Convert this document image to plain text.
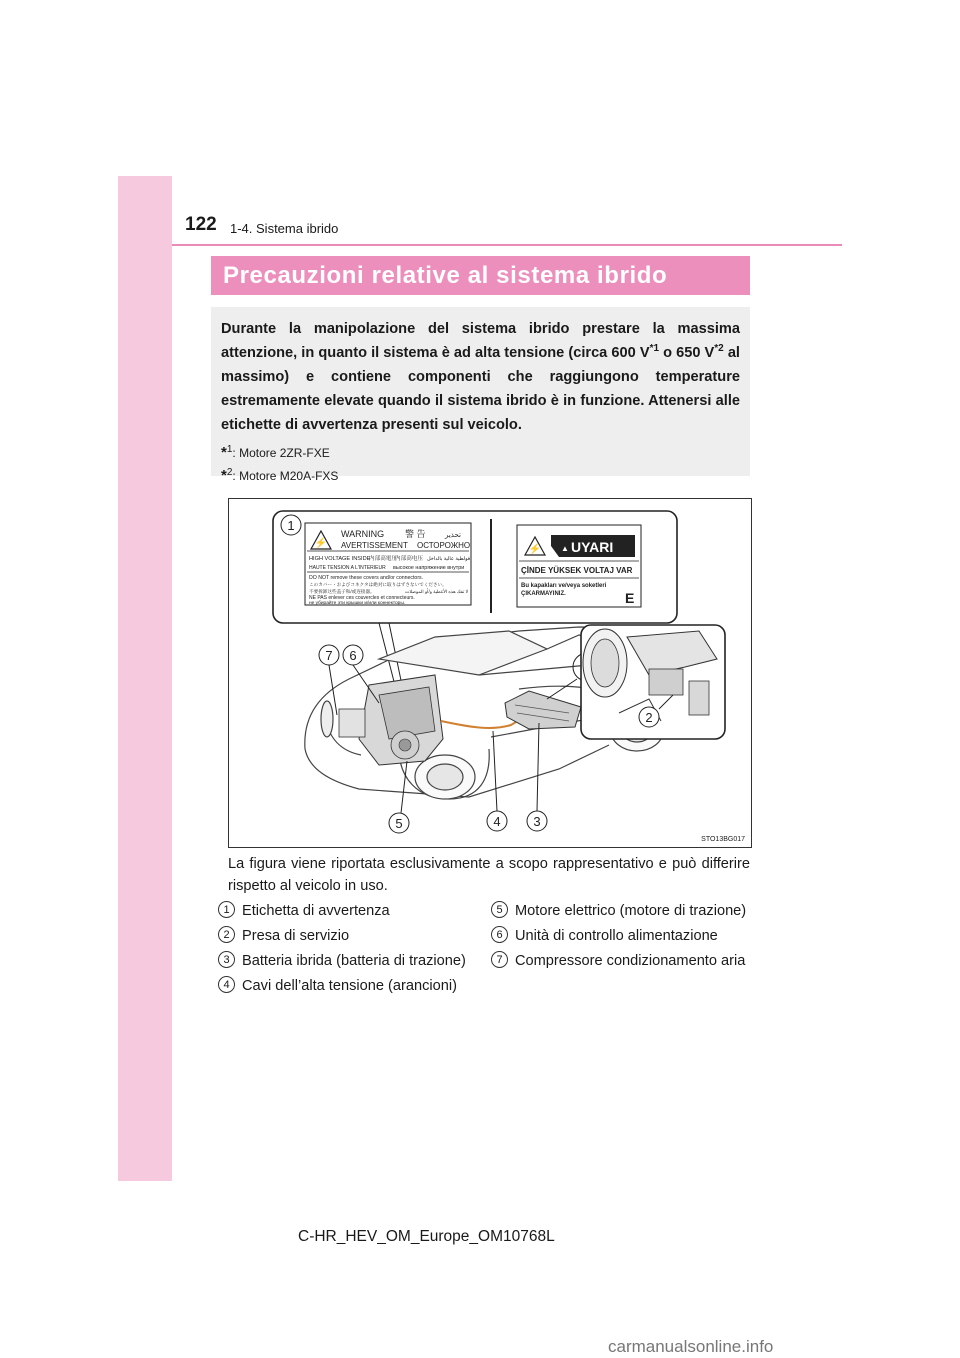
122 1-4. Sistema ibrido
Precauzioni relative al sistema ibrido

Durante la manipolazione del sistema ibrido prestare la massima attenzione, in quanto il sistema è ad alta tensione (circa 600 $V^{*1}$ o 650 $V^{*2}$ al massimo) e contiene componenti che raggiungono temperature estremamente elevate quando il sistema ibrido è in funzione. Attenersi alle etichette di avvertenza presenti sul veicolo.

*$^1$: Motore 2ZR-FXE
*$^2$: Motore M20A-FXS
⚡
WARNING 警 告	تحذير
AVERTISSEMENT ОСТОРОЖНО
HIGH VOLTAGE INSIDE
内部高電圧
内部高电压 فولطية عالية بالداخل
HAUTE TENSION A L'INTERIEUR высокое напряжение внутри
DO NOT remove these covers and/or connectors.
このカバー・およびコネクタは絶対に取りはずさないでください。
不要拆卸这些盖子和/或连接器。	لا تفك هذه الأغطية و/أو الموصلات
NE PAS enlever ces couvercles et connecteurs.
не убирайте эти крышки и/или коннекторы.
⚡ ▲ UYARI
ÇİNDE YÜKSEK VOLTAJ VAR
Bu kapakları ve/veya soketleri
ÇIKARMAYINIZ.	E
1
2
3
4
5
6
7
STO13BG017

La figura viene riportata esclusivamente a scopo rappresentativo e può differire rispetto al veicolo in uso.

1 Etichetta di avvertenza
2 Presa di servizio
3 Batteria ibrida (batteria di trazione)
4 Cavi dell’alta tensione (arancioni)
5 Motore elettrico (motore di trazione)
6 Unità di controllo alimentazione
7 Compressore condizionamento aria
C-HR_HEV_OM_Europe_OM10768L
carmanualsonline.info
